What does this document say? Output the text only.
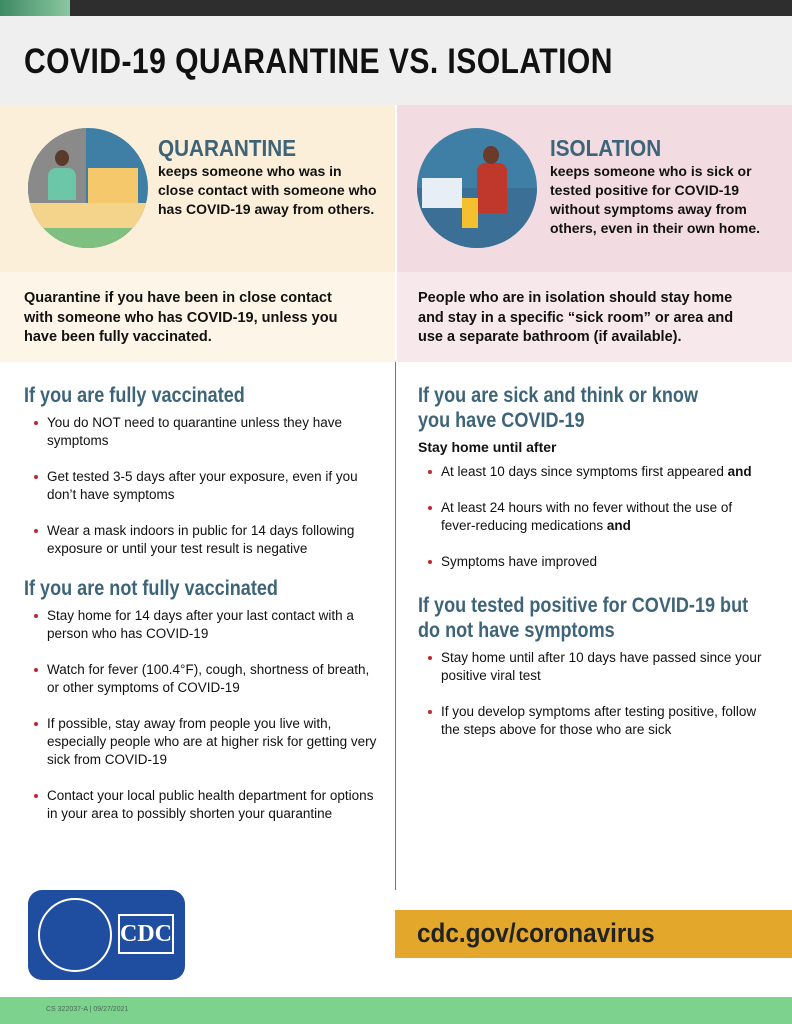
COVID-19 QUARANTINE VS. ISOLATION
QUARANTINE
keeps someone who was in close contact with someone who has COVID-19 away from others.
ISOLATION
keeps someone who is sick or tested positive for COVID-19 without symptoms away from others, even in their own home.
Quarantine if you have been in close contact with someone who has COVID-19, unless you have been fully vaccinated.
People who are in isolation should stay home and stay in a specific “sick room” or area and use a separate bathroom (if available).
If you are fully vaccinated
You do NOT need to quarantine unless they have symptoms
Get tested 3-5 days after your exposure, even if you don’t have symptoms
Wear a mask indoors in public for 14 days following exposure or until your test result is negative
If you are not fully vaccinated
Stay home for 14 days after your last contact with a person who has COVID-19
Watch for fever (100.4°F), cough, shortness of breath, or other symptoms of COVID-19
If possible, stay away from people you live with, especially people who are at higher risk for getting very sick from COVID-19
Contact your local public health department for options in your area to possibly shorten your quarantine
If you are sick and think or know
you have COVID-19
Stay home until after
At least 10 days since symptoms first appeared and
At least 24 hours with no fever without the use of fever-reducing medications and
Symptoms have improved
If you tested positive for COVID-19 but
do not have symptoms
Stay home until after 10 days have passed since your positive viral test
If you develop symptoms after testing positive, follow the steps above for those who are sick
CDC	cdc.gov/coronavirus
CS 322037-A | 09/27/2021
